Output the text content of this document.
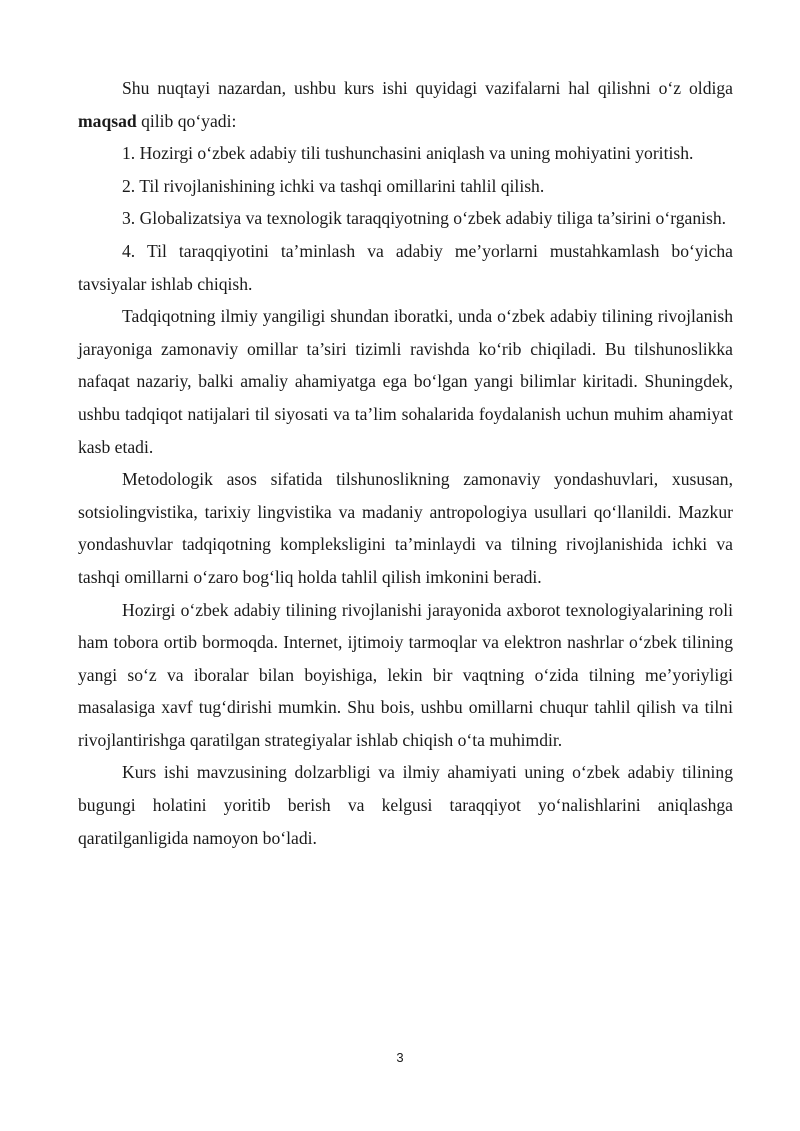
Shu nuqtayi nazardan, ushbu kurs ishi quyidagi vazifalarni hal qilishni o‘z oldiga maqsad qilib qo‘yadi:

1. Hozirgi o‘zbek adabiy tili tushunchasini aniqlash va uning mohiyatini yoritish.

2. Til rivojlanishining ichki va tashqi omillarini tahlil qilish.

3. Globalizatsiya va texnologik taraqqiyotning o‘zbek adabiy tiliga ta’sirini o‘rganish.

4. Til taraqqiyotini ta’minlash va adabiy me’yorlarni mustahkamlash bo‘yicha tavsiyalar ishlab chiqish.

Tadqiqotning ilmiy yangiligi shundan iboratki, unda o‘zbek adabiy tilining rivojlanish jarayoniga zamonaviy omillar ta’siri tizimli ravishda ko‘rib chiqiladi. Bu tilshunoslikka nafaqat nazariy, balki amaliy ahamiyatga ega bo‘lgan yangi bilimlar kiritadi. Shuningdek, ushbu tadqiqot natijalari til siyosati va ta’lim sohalarida foydalanish uchun muhim ahamiyat kasb etadi.

Metodologik asos sifatida tilshunoslikning zamonaviy yondashuvlari, xususan, sotsiolingvistika, tarixiy lingvistika va madaniy antropologiya usullari qo‘llanildi. Mazkur yondashuvlar tadqiqotning kompleksligini ta’minlaydi va tilning rivojlanishida ichki va tashqi omillarni o‘zaro bog‘liq holda tahlil qilish imkonini beradi.

Hozirgi o‘zbek adabiy tilining rivojlanishi jarayonida axborot texnologiyalarining roli ham tobora ortib bormoqda. Internet, ijtimoiy tarmoqlar va elektron nashrlar o‘zbek tilining yangi so‘z va iboralar bilan boyishiga, lekin bir vaqtning o‘zida tilning me’yoriyligi masalasiga xavf tug‘dirishi mumkin. Shu bois, ushbu omillarni chuqur tahlil qilish va tilni rivojlantirishga qaratilgan strategiyalar ishlab chiqish o‘ta muhimdir.

Kurs ishi mavzusining dolzarbligi va ilmiy ahamiyati uning o‘zbek adabiy tilining bugungi holatini yoritib berish va kelgusi taraqqiyot yo‘nalishlarini aniqlashga qaratilganligida namoyon bo‘ladi.

3
